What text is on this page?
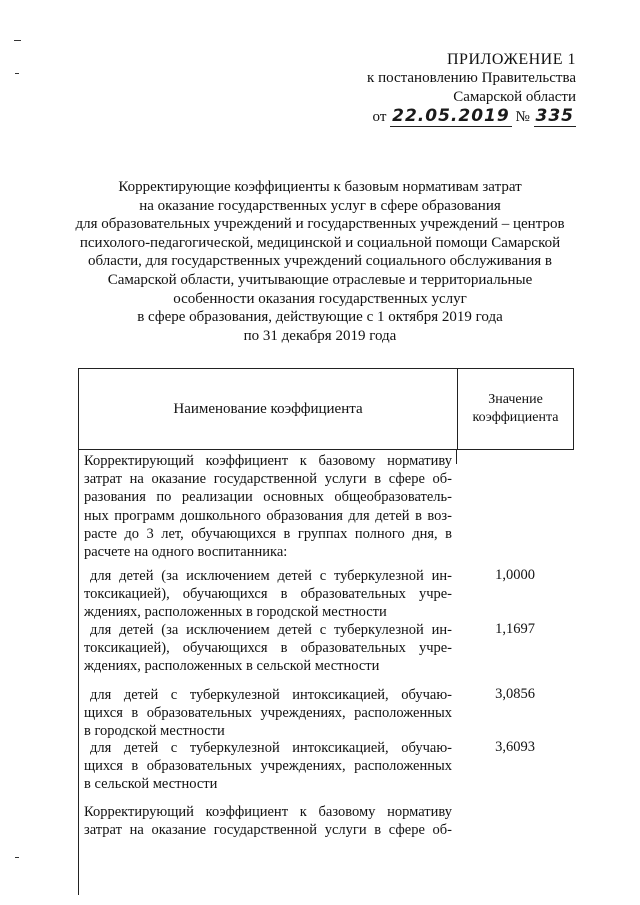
ПРИЛОЖЕНИЕ 1
к постановлению Правительства
Самарской области
от 22.05.2019 № 335
Корректирующие коэффициенты к базовым нормативам затрат
на оказание государственных услуг в сфере образования
для образовательных учреждений и государственных учреждений – центров
психолого-педагогической, медицинской и социальной помощи Самарской
области, для государственных учреждений социального обслуживания в
Самарской области, учитывающие отраслевые и территориальные
особенности оказания государственных услуг
в сфере образования, действующие с 1 октября 2019 года
по 31 декабря 2019 года
Наименование коэффициента
Значение
коэффициента
Корректирующий коэффициент к базовому нормативу
затрат на оказание государственной услуги в сфере об-
разования по реализации основных общеобразователь-
ных программ дошкольного образования для детей в воз-
расте до 3 лет, обучающихся в группах полного дня, в
расчете на одного воспитанника:
для детей (за исключением детей с туберкулезной ин-
токсикацией), обучающихся в образовательных учре-
ждениях, расположенных в городской местности
1,0000
для детей (за исключением детей с туберкулезной ин-
токсикацией), обучающихся в образовательных учре-
ждениях, расположенных в сельской местности
1,1697
для детей с туберкулезной интоксикацией, обучаю-
щихся в образовательных учреждениях, расположенных
в городской местности
3,0856
для детей с туберкулезной интоксикацией, обучаю-
щихся в образовательных учреждениях, расположенных
в сельской местности
3,6093
Корректирующий коэффициент к базовому нормативу
затрат на оказание государственной услуги в сфере об-
